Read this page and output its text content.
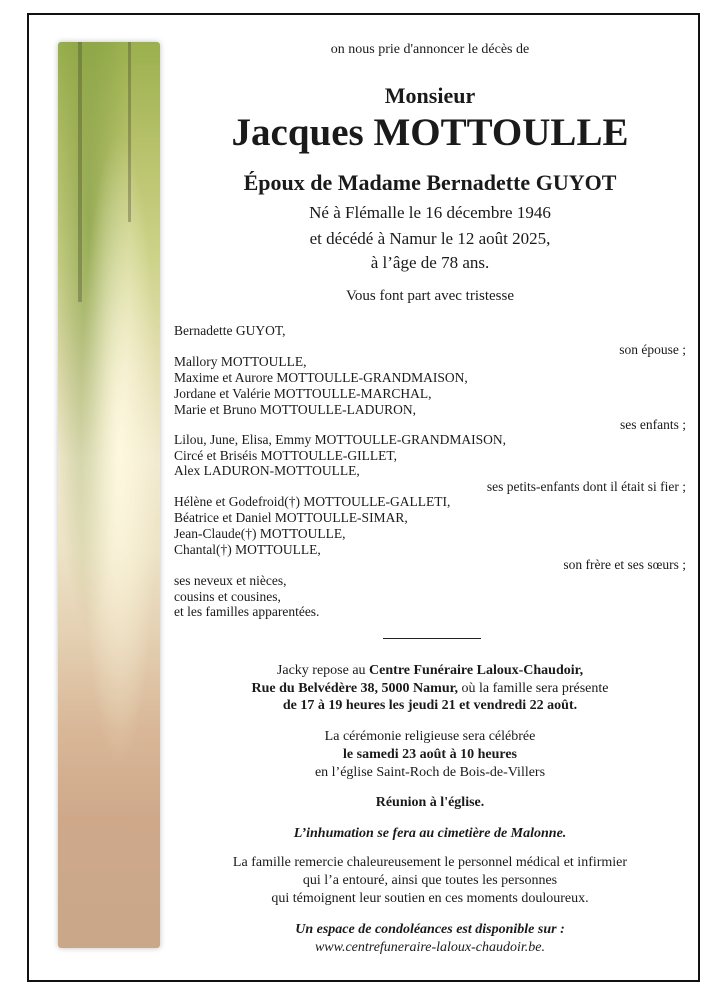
on nous prie d'annoncer le décès de
Monsieur
Jacques MOTTOULLE
Époux de Madame Bernadette GUYOT
Né à Flémalle le 16 décembre 1946
et décédé à Namur le 12 août 2025,
à l’âge de 78 ans.
Vous font part avec tristesse
Bernadette GUYOT,
son épouse ;
Mallory MOTTOULLE,
Maxime et Aurore MOTTOULLE-GRANDMAISON,
Jordane et Valérie MOTTOULLE-MARCHAL,
Marie et Bruno MOTTOULLE-LADURON,
ses enfants ;
Lilou, June, Elisa, Emmy MOTTOULLE-GRANDMAISON,
Circé et Briséis MOTTOULLE-GILLET,
Alex LADURON-MOTTOULLE,
ses petits-enfants dont il était si fier ;
Hélène et Godefroid(†) MOTTOULLE-GALLETI,
Béatrice et Daniel MOTTOULLE-SIMAR,
Jean-Claude(†) MOTTOULLE,
Chantal(†) MOTTOULLE,
son frère et ses sœurs ;
ses neveux et nièces,
cousins et cousines,
et les familles apparentées.
Jacky repose au Centre Funéraire Laloux-Chaudoir,
Rue du Belvédère 38, 5000 Namur, où la famille sera présente
de 17 à 19 heures les jeudi 21 et vendredi 22 août.
La cérémonie religieuse sera célébrée
le samedi 23 août à 10 heures
en l’église Saint-Roch de Bois-de-Villers
Réunion à l'église.
L’inhumation se fera au cimetière de Malonne.
La famille remercie chaleureusement le personnel médical et infirmier
qui l’a entouré, ainsi que toutes les personnes
qui témoignent leur soutien en ces moments douloureux.
Un espace de condoléances est disponible sur :
www.centrefuneraire-laloux-chaudoir.be.
